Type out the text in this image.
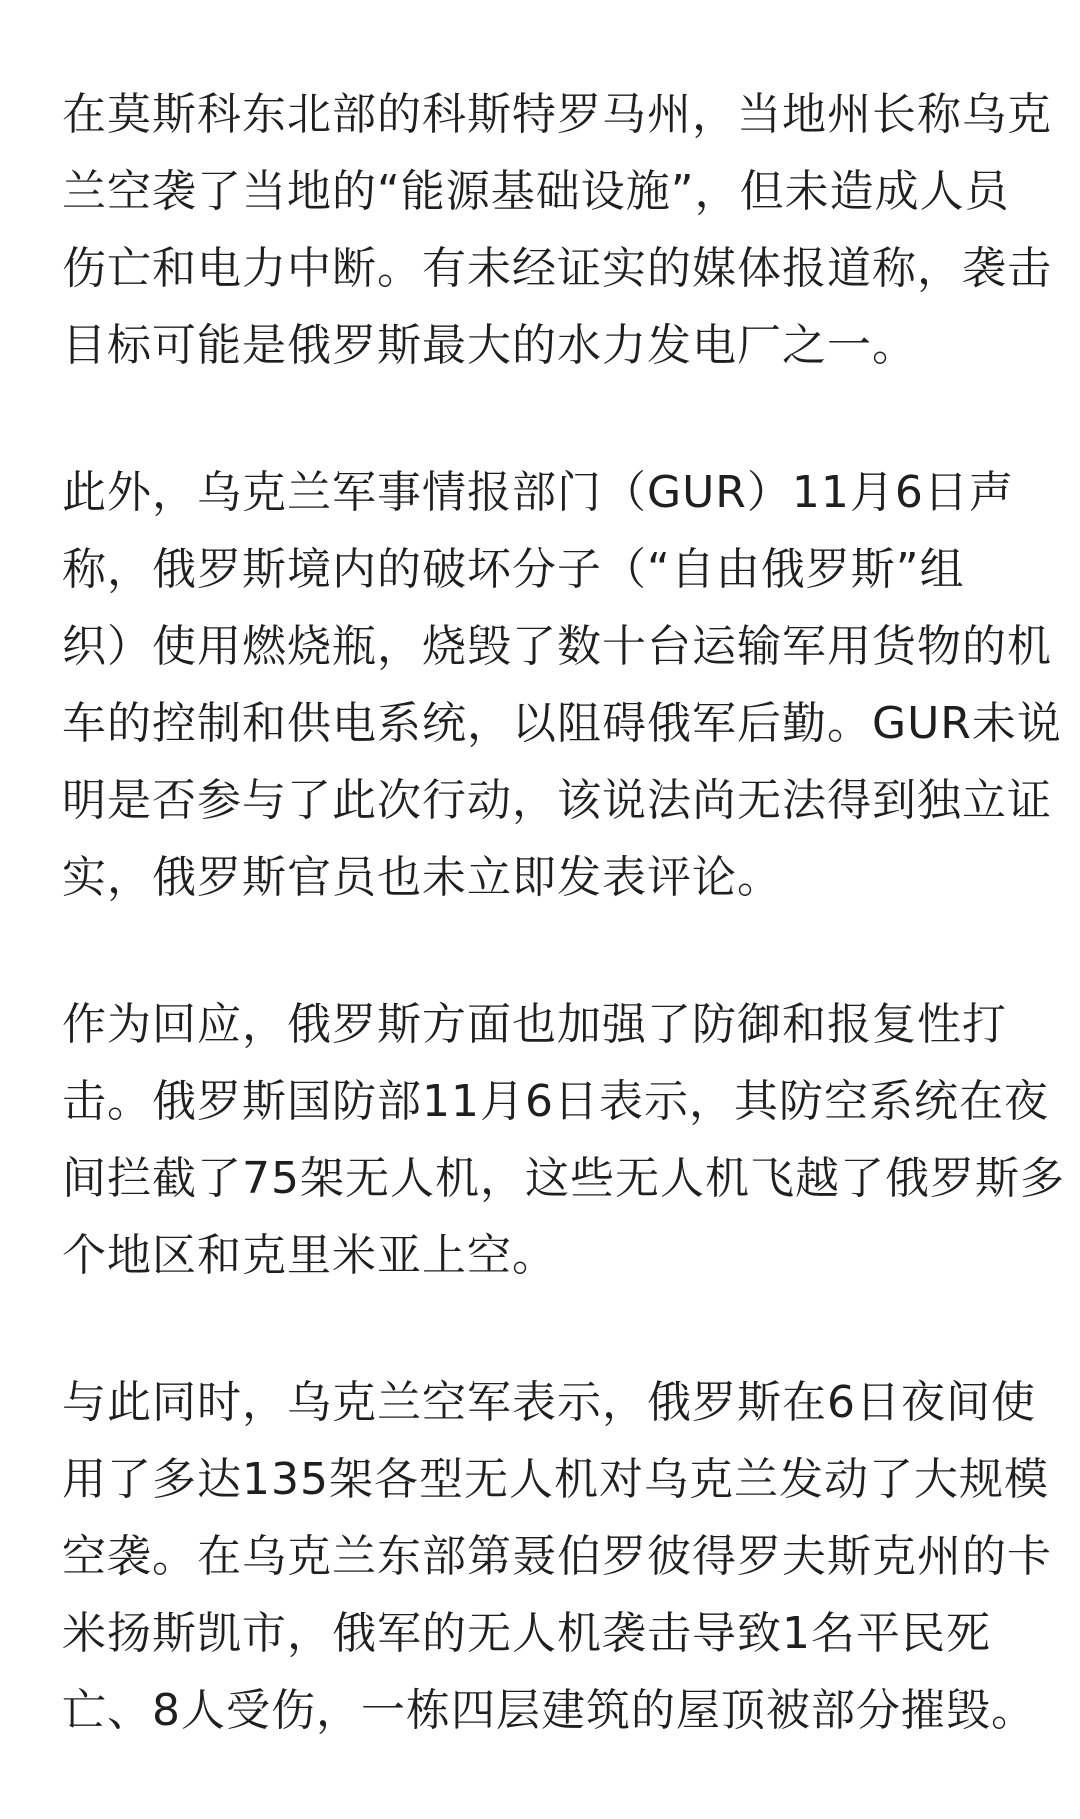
在莫斯科东北部的科斯特罗马州，当地州长称乌克
兰空袭了当地的“能源基础设施”，但未造成人员
伤亡和电力中断。有未经证实的媒体报道称，袭击
目标可能是俄罗斯最大的水力发电厂之一。

此外，乌克兰军事情报部门（GUR）11月6日声
称，俄罗斯境内的破坏分子（“自由俄罗斯”组
织）使用燃烧瓶，烧毁了数十台运输军用货物的机
车的控制和供电系统，以阻碍俄军后勤。GUR未说
明是否参与了此次行动，该说法尚无法得到独立证
实，俄罗斯官员也未立即发表评论。

作为回应，俄罗斯方面也加强了防御和报复性打
击。俄罗斯国防部11月6日表示，其防空系统在夜
间拦截了75架无人机，这些无人机飞越了俄罗斯多
个地区和克里米亚上空。

与此同时，乌克兰空军表示，俄罗斯在6日夜间使
用了多达135架各型无人机对乌克兰发动了大规模
空袭。在乌克兰东部第聂伯罗彼得罗夫斯克州的卡
米扬斯凯市，俄军的无人机袭击导致1名平民死
亡、8人受伤，一栋四层建筑的屋顶被部分摧毁。
